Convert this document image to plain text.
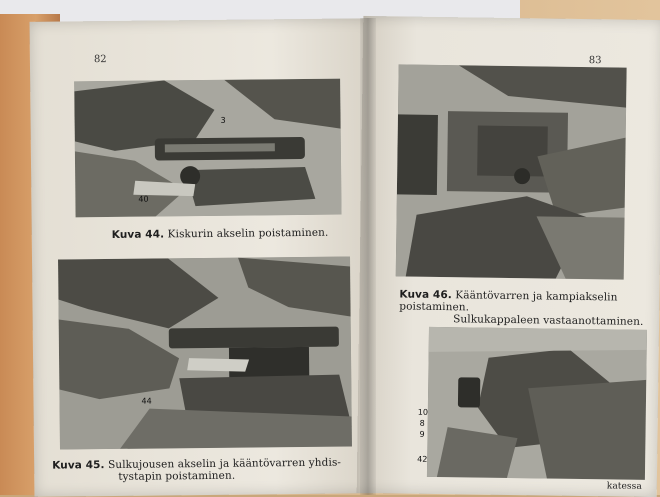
82
40
3
Kuva 44. Kiskurin akselin poistaminen.
44
Kuva 45. Sulkujousen akselin ja kääntövarren yhdis-
tystapin poistaminen.
83
Kuva 46. Kääntövarren ja kampiakselin poistaminen.
Sulkukappaleen vastaanottaminen.
10
8
9
42
katessa
